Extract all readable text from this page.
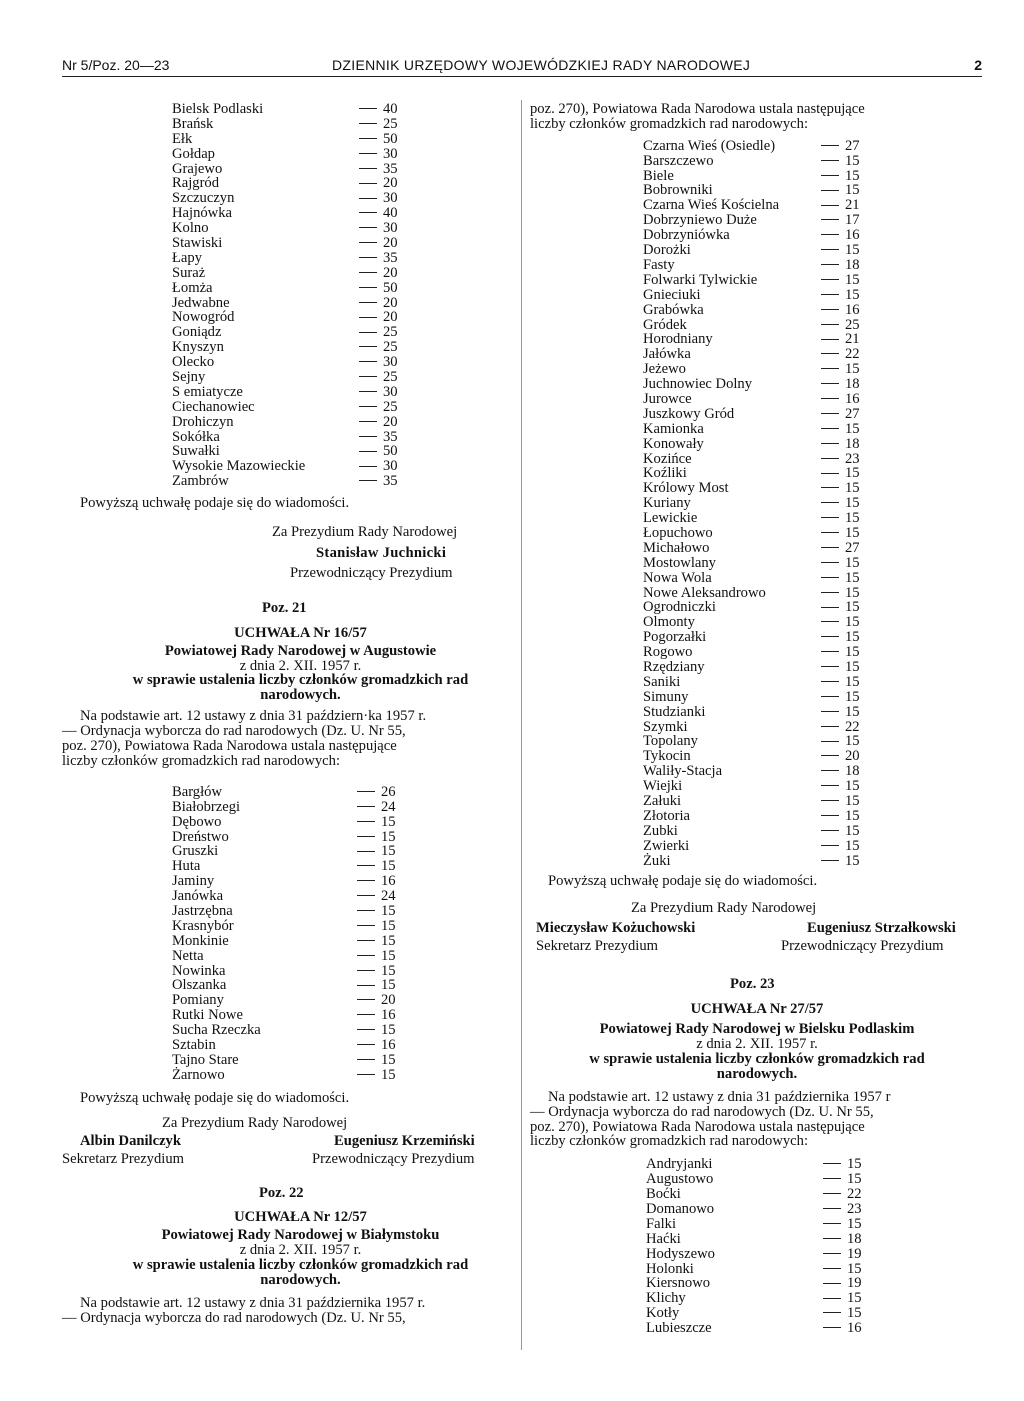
Nr 5/Poz. 20—23	DZIENNIK URZĘDOWY WOJEWÓDZKIEJ RADY NARODOWEJ	2
Bielsk Podlaski	40
Brańsk	25
Ełk	50
Gołdap	30
Grajewo	35
Rajgród	20
Szczuczyn	30
Hajnówka	40
Kolno	30
Stawiski	20
Łapy	35
Suraż	20
Łomża	50
Jedwabne	20
Nowogród	20
Goniądz	25
Knyszyn	25
Olecko	30
Sejny	25
S emiatycze	30
Ciechanowiec	25
Drohiczyn	20
Sokółka	35
Suwałki	50
Wysokie Mazowieckie	30
Zambrów	35

Powyższą uchwałę podaje się do wiadomości.

Za Prezydium Rady Narodowej

Stanisław Juchnicki

Przewodniczący Prezydium

Poz. 21

UCHWAŁA Nr 16/57

Powiatowej Rady Narodowej w Augustowie

z dnia 2. XII. 1957 r.

w sprawie ustalenia liczby członków gromadzkich rad

narodowych.

Na podstawie art. 12 ustawy z dnia 31 październ·ka 1957 r.

— Ordynacja wyborcza do rad narodowych (Dz. U. Nr 55,

poz. 270), Powiatowa Rada Narodowa ustala następujące

liczby członków gromadzkich rad narodowych:

Bargłów	26
Białobrzegi	24
Dębowo	15
Dreństwo	15
Gruszki	15
Huta	15
Jaminy	16
Janówka	24
Jastrzębna	15
Krasnybór	15
Monkinie	15
Netta	15
Nowinka	15
Olszanka	15
Pomiany	20
Rutki Nowe	16
Sucha Rzeczka	15
Sztabin	16
Tajno Stare	15
Żarnowo	15

Powyższą uchwałę podaje się do wiadomości.

Za Prezydium Rady Narodowej

Albin Danilczyk	Eugeniusz Krzemiński
Sekretarz Prezydium	Przewodniczący Prezydium

Poz. 22

UCHWAŁA Nr 12/57

Powiatowej Rady Narodowej w Białymstoku

z dnia 2. XII. 1957 r.

w sprawie ustalenia liczby członków gromadzkich rad

narodowych.

Na podstawie art. 12 ustawy z dnia 31 października 1957 r.

— Ordynacja wyborcza do rad narodowych (Dz. U. Nr 55,

poz. 270), Powiatowa Rada Narodowa ustala następujące

liczby członków gromadzkich rad narodowych:

Czarna Wieś (Osiedle)	27
Barszczewo	15
Biele	15
Bobrowniki	15
Czarna Wieś Kościelna	21
Dobrzyniewo Duże	17
Dobrzyniówka	16
Dorożki	15
Fasty	18
Folwarki Tylwickie	15
Gnieciuki	15
Grabówka	16
Gródek	25
Horodniany	21
Jałówka	22
Jeżewo	15
Juchnowiec Dolny	18
Jurowce	16
Juszkowy Gród	27
Kamionka	15
Konowały	18
Kozińce	23
Koźliki	15
Królowy Most	15
Kuriany	15
Lewickie	15
Łopuchowo	15
Michałowo	27
Mostowlany	15
Nowa Wola	15
Nowe Aleksandrowo	15
Ogrodniczki	15
Olmonty	15
Pogorzałki	15
Rogowo	15
Rzędziany	15
Saniki	15
Simuny	15
Studzianki	15
Szymki	22
Topolany	15
Tykocin	20
Waliły-Stacja	18
Wiejki	15
Załuki	15
Złotoria	15
Zubki	15
Zwierki	15
Żuki	15

Powyższą uchwałę podaje się do wiadomości.

Za Prezydium Rady Narodowej

Mieczysław Kożuchowski	Eugeniusz Strzałkowski
Sekretarz Prezydium	Przewodniczący Prezydium

Poz. 23

UCHWAŁA Nr 27/57

Powiatowej Rady Narodowej w Bielsku Podlaskim

z dnia 2. XII. 1957 r.

w sprawie ustalenia liczby członków gromadzkich rad

narodowych.

Na podstawie art. 12 ustawy z dnia 31 października 1957 r

— Ordynacja wyborcza do rad narodowych (Dz. U. Nr 55,

poz. 270), Powiatowa Rada Narodowa ustala następujące

liczby członków gromadzkich rad narodowych:

Andryjanki	15
Augustowo	15
Boćki	22
Domanowo	23
Falki	15
Haćki	18
Hodyszewo	19
Holonki	15
Kiersnowo	19
Klichy	15
Kotły	15
Lubieszcze	16
